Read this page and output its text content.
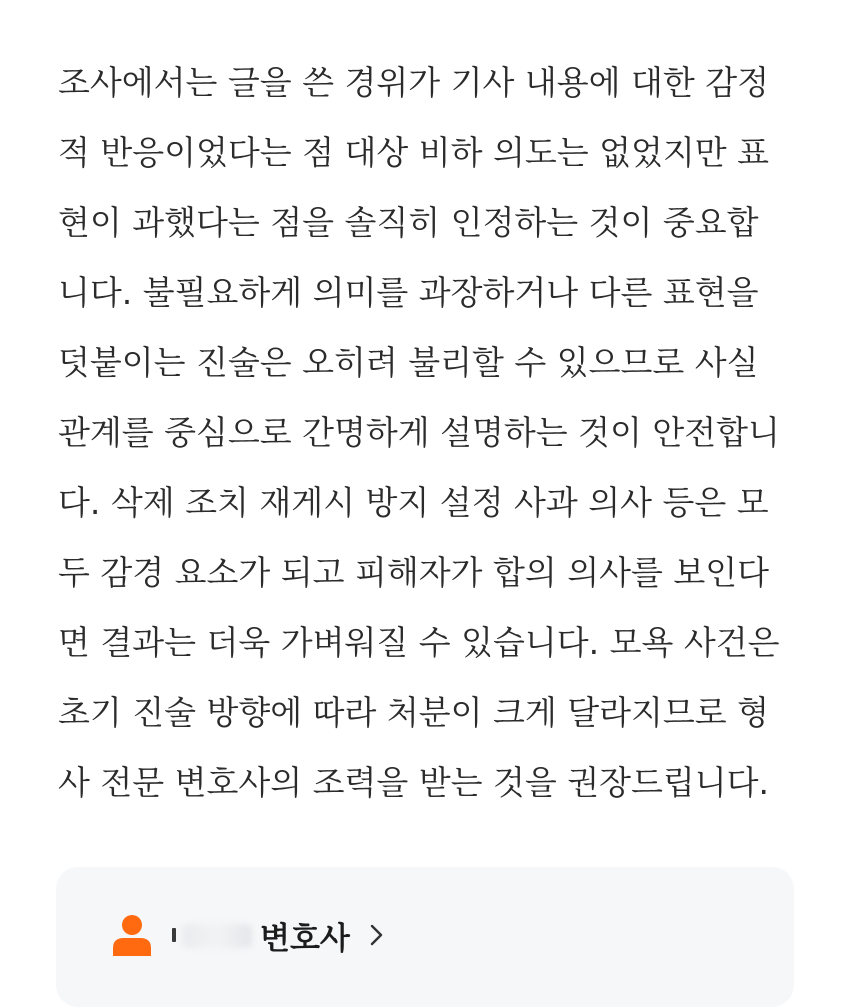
조사에서는 글을 쓴 경위가 기사 내용에 대한 감정
적 반응이었다는 점 대상 비하 의도는 없었지만 표
현이 과했다는 점을 솔직히 인정하는 것이 중요합
니다. 불필요하게 의미를 과장하거나 다른 표현을
덧붙이는 진술은 오히려 불리할 수 있으므로 사실
관계를 중심으로 간명하게 설명하는 것이 안전합니
다. 삭제 조치 재게시 방지 설정 사과 의사 등은 모
두 감경 요소가 되고 피해자가 합의 의사를 보인다
면 결과는 더욱 가벼워질 수 있습니다. 모욕 사건은
초기 진술 방향에 따라 처분이 크게 달라지므로 형
사 전문 변호사의 조력을 받는 것을 권장드립니다.
변호사
